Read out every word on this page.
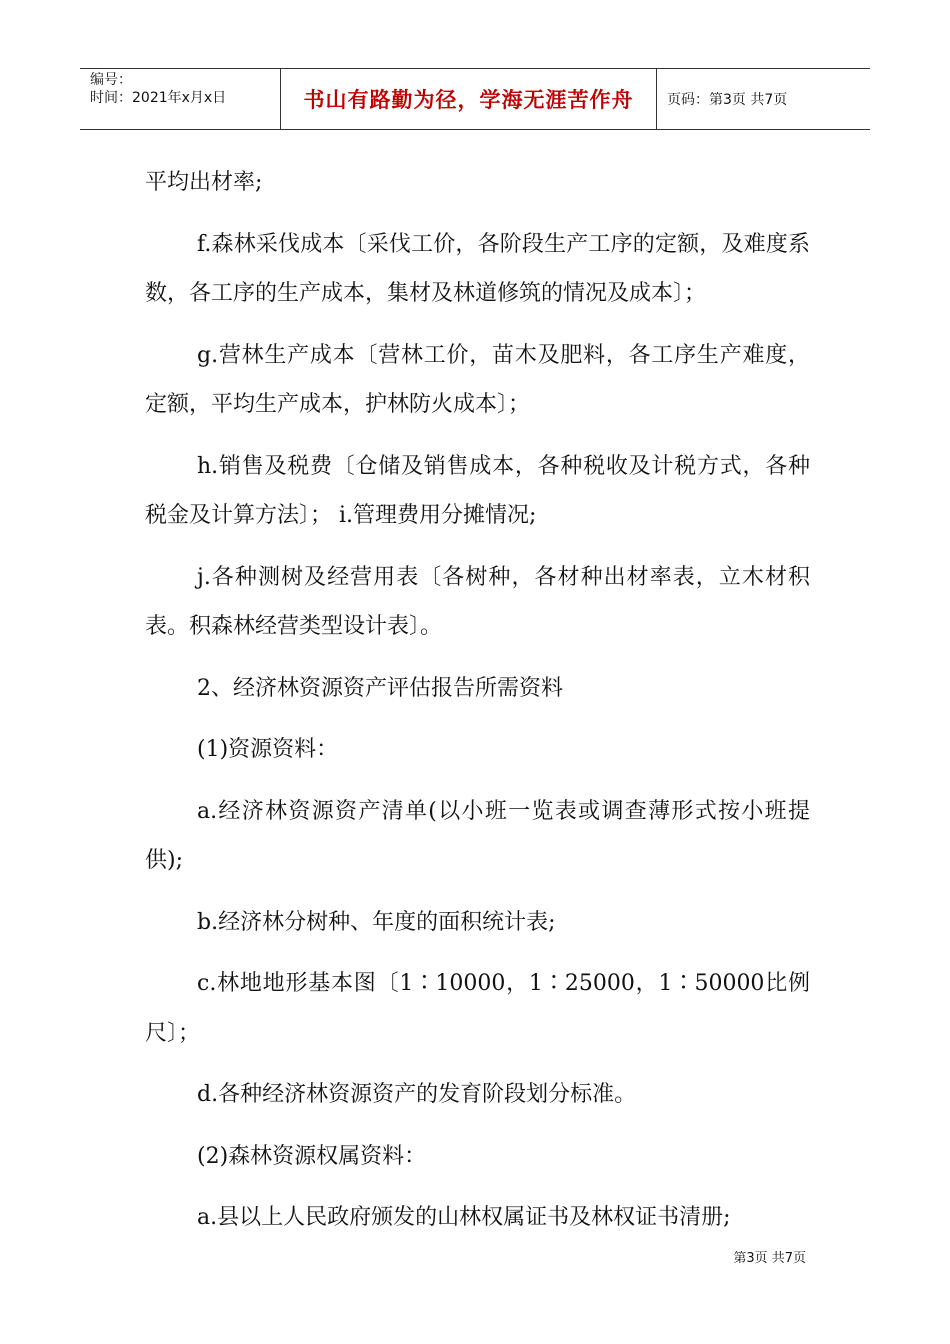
编号：
时间：2021年x月x日	书山有路勤为径，学海无涯苦作舟	页码：第3页 共7页

平均出材率;

f.森林采伐成本〔采伐工价，各阶段生产工序的定额，及难度系数，各工序的生产成本，集材及林道修筑的情况及成本〕；

g.营林生产成本〔营林工价，苗木及肥料，各工序生产难度，定额，平均生产成本，护林防火成本〕；

h.销售及税费〔仓储及销售成本，各种税收及计税方式，各种税金及计算方法〕； i.管理费用分摊情况;

j.各种测树及经营用表〔各树种，各材种出材率表，立木材积表。积森林经营类型设计表〕。

2、经济林资源资产评估报告所需资料

(1)资源资料：

a.经济林资源资产清单(以小班一览表或调查薄形式按小班提供);

b.经济林分树种、年度的面积统计表;

c.林地地形基本图〔1∶10000，1∶25000，1∶50000比例尺〕；

d.各种经济林资源资产的发育阶段划分标准。

(2)森林资源权属资料：

a.县以上人民政府颁发的山林权属证书及林权证书清册;

第3页 共7页
